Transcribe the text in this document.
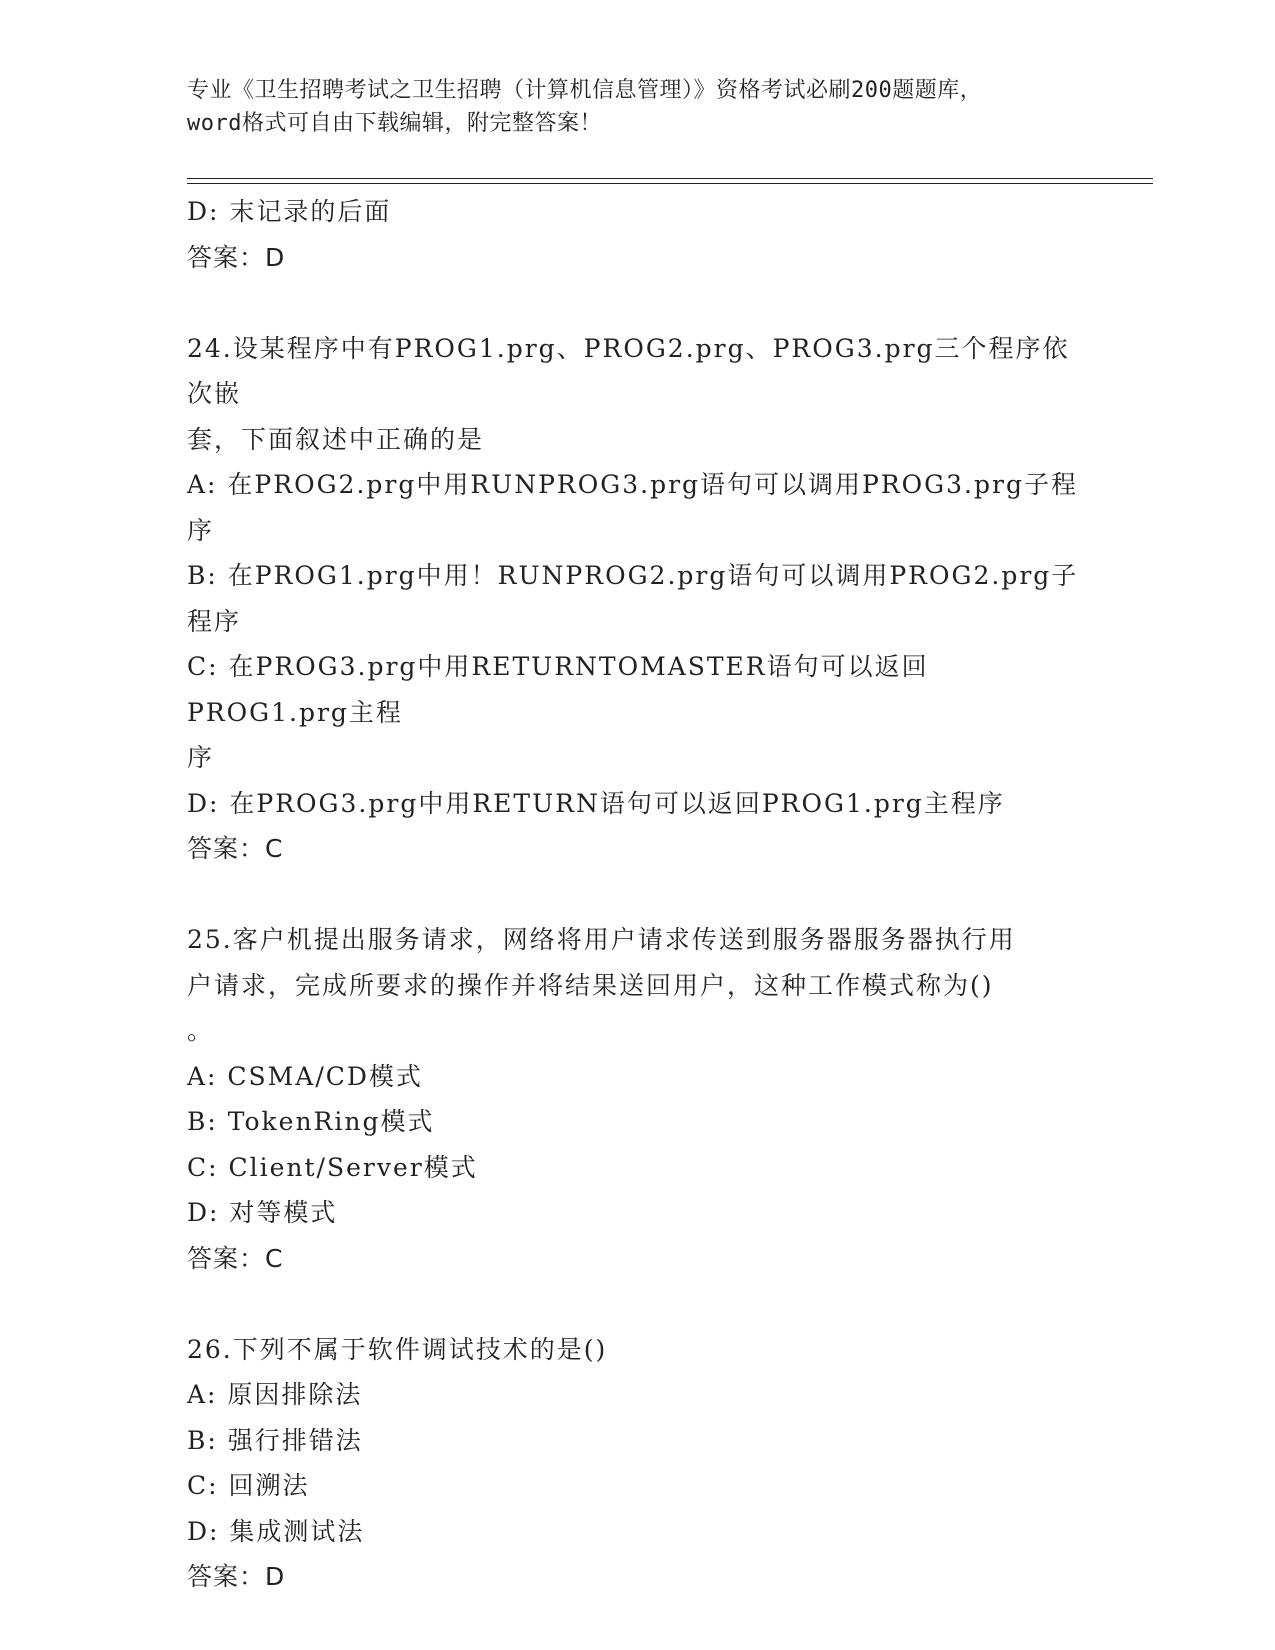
专业《卫生招聘考试之卫生招聘（计算机信息管理）》资格考试必刷200题题库，
word格式可自由下载编辑，附完整答案！

D: 末记录的后面

答案：D

24.设某程序中有PROG1.prg、PROG2.prg、PROG3.prg三个程序依次嵌

套，下面叙述中正确的是

A: 在PROG2.prg中用RUNPROG3.prg语句可以调用PROG3.prg子程序

B: 在PROG1.prg中用！RUNPROG2.prg语句可以调用PROG2.prg子程序

C: 在PROG3.prg中用RETURNTOMASTER语句可以返回PROG1.prg主程

序

D: 在PROG3.prg中用RETURN语句可以返回PROG1.prg主程序

答案：C

25.客户机提出服务请求，网络将用户请求传送到服务器服务器执行用

户请求，完成所要求的操作并将结果送回用户，这种工作模式称为()

。

A: CSMA/CD模式

B: TokenRing模式

C: Client/Server模式

D: 对等模式

答案：C

26.下列不属于软件调试技术的是()

A: 原因排除法

B: 强行排错法

C: 回溯法

D: 集成测试法

答案：D
